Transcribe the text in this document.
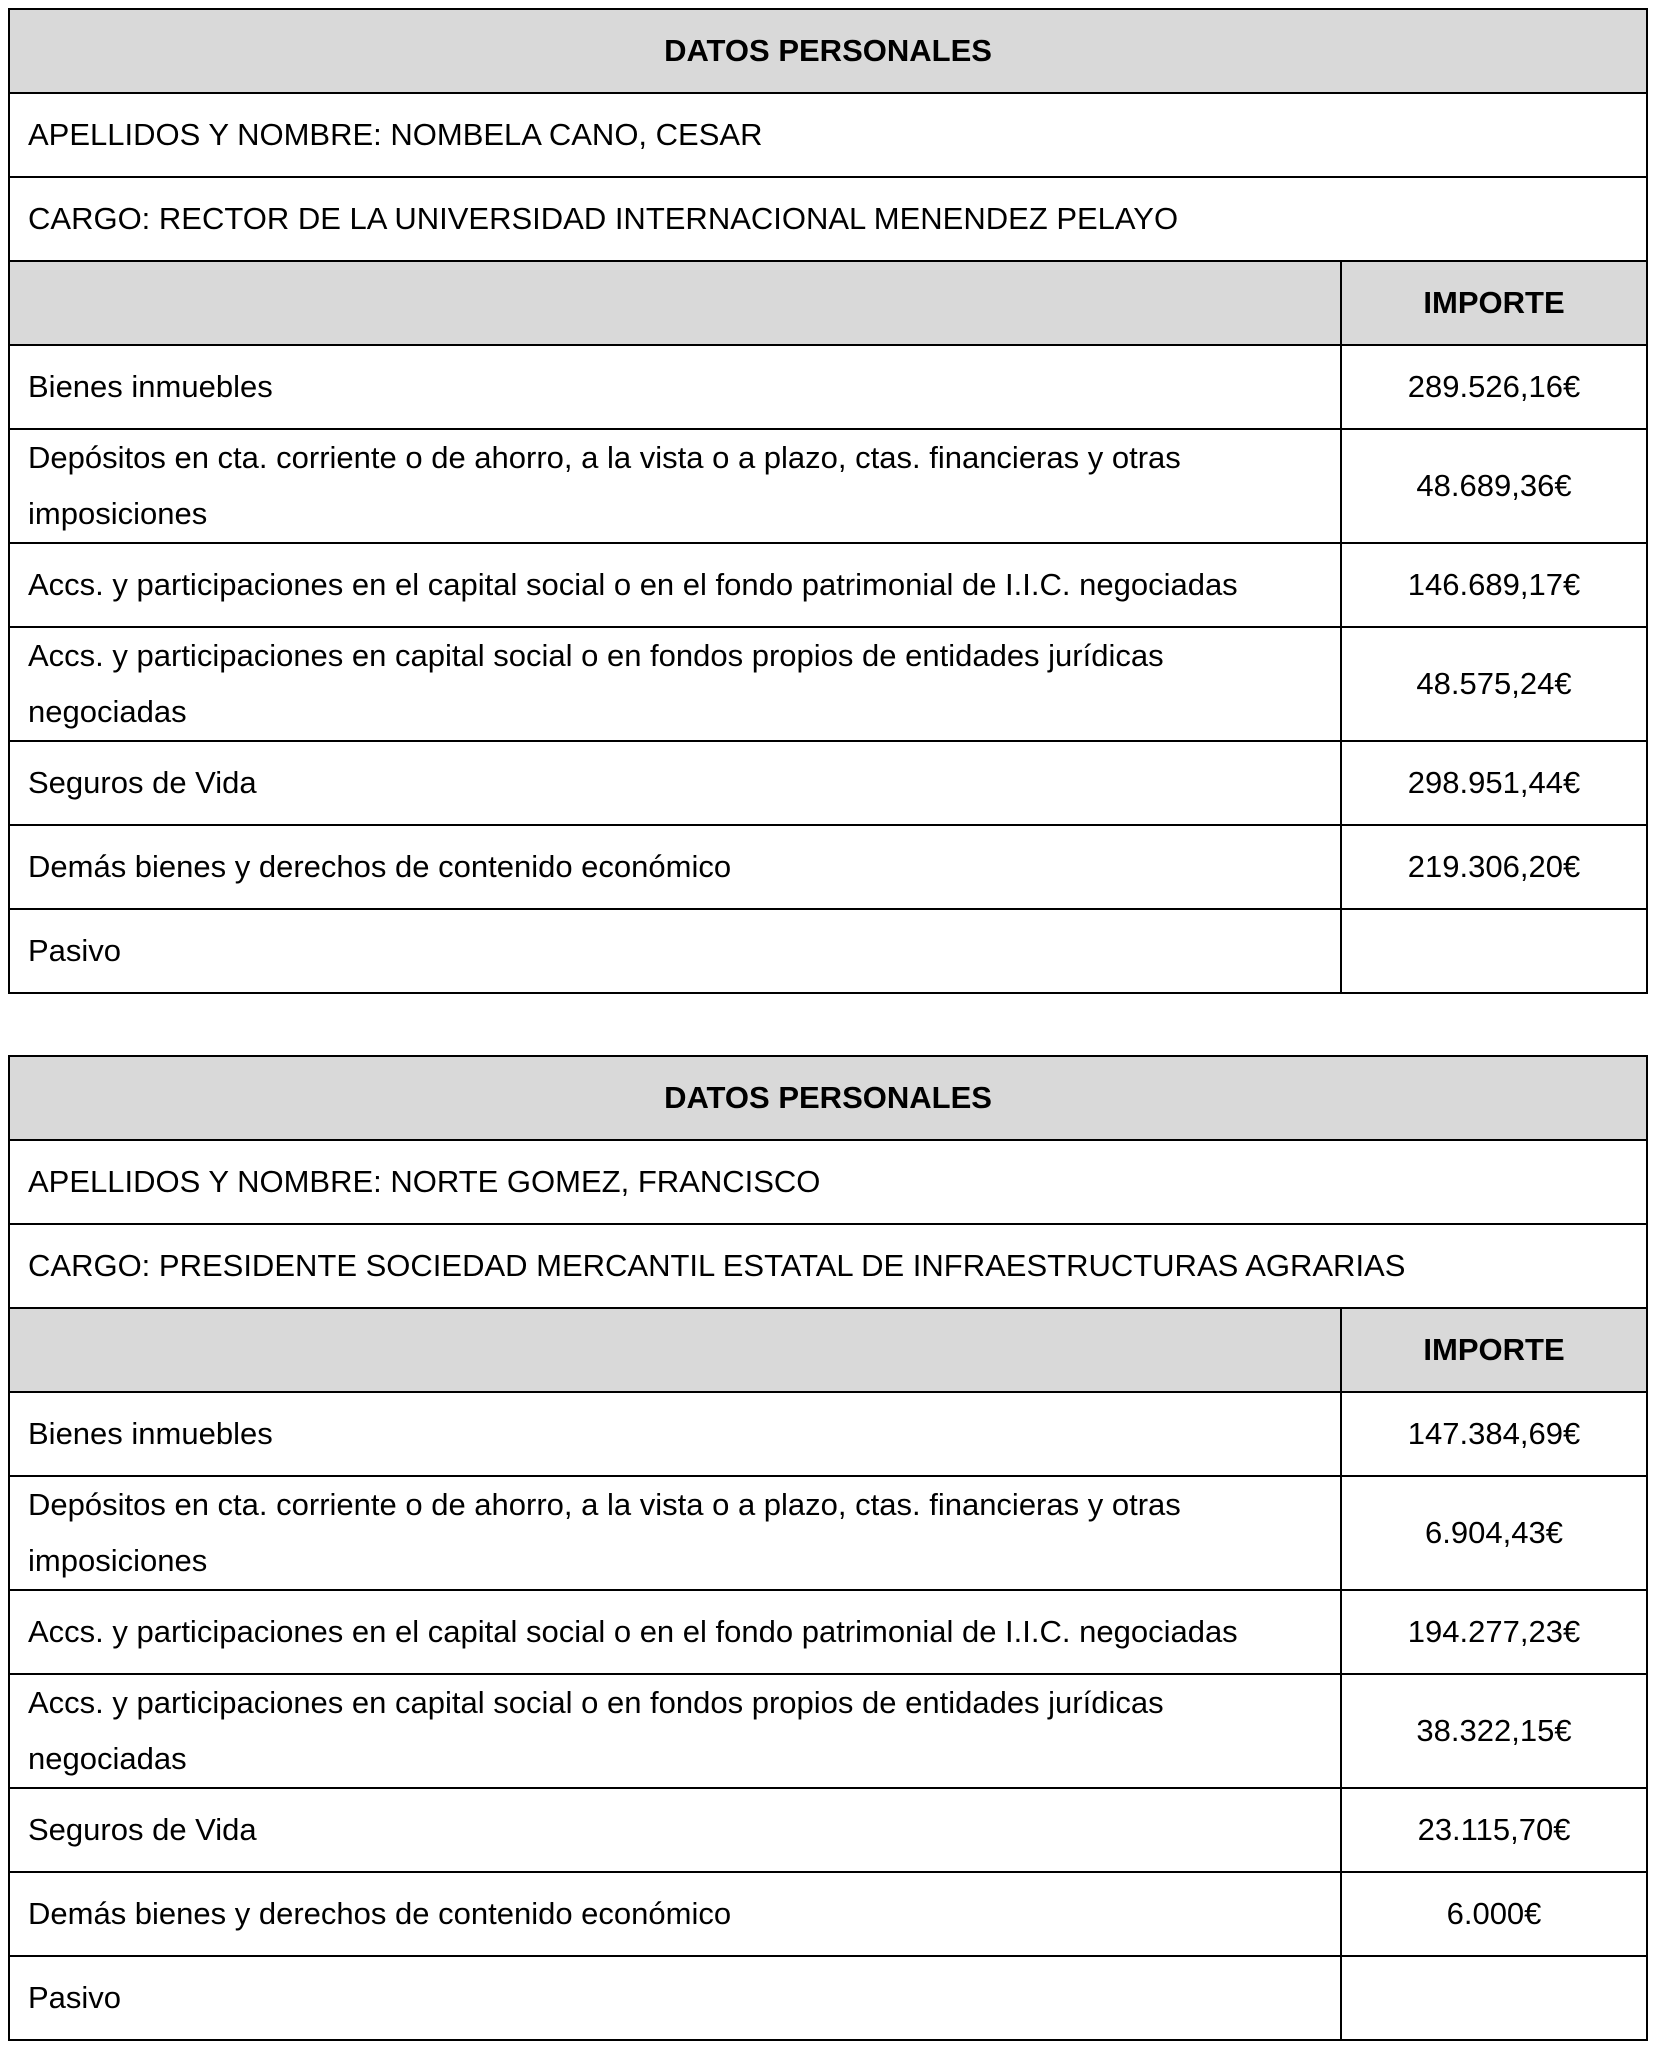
DATOS PERSONALES	
APELLIDOS Y NOMBRE: NOMBELA CANO, CESAR	
CARGO: RECTOR DE LA UNIVERSIDAD INTERNACIONAL MENENDEZ PELAYO	
	IMPORTE
Bienes inmuebles	289.526,16€
Depósitos en cta. corriente o de ahorro, a la vista o a plazo, ctas. financieras y otras imposiciones	48.689,36€
Accs. y participaciones en el capital social o en el fondo patrimonial de I.I.C. negociadas	146.689,17€
Accs. y participaciones en capital social o en fondos propios de entidades jurídicas negociadas	48.575,24€
Seguros de Vida	298.951,44€
Demás bienes y derechos de contenido económico	219.306,20€
Pasivo	
DATOS PERSONALES	
APELLIDOS Y NOMBRE: NORTE GOMEZ, FRANCISCO	
CARGO: PRESIDENTE SOCIEDAD MERCANTIL ESTATAL DE INFRAESTRUCTURAS AGRARIAS	
	IMPORTE
Bienes inmuebles	147.384,69€
Depósitos en cta. corriente o de ahorro, a la vista o a plazo, ctas. financieras y otras imposiciones	6.904,43€
Accs. y participaciones en el capital social o en el fondo patrimonial de I.I.C. negociadas	194.277,23€
Accs. y participaciones en capital social o en fondos propios de entidades jurídicas negociadas	38.322,15€
Seguros de Vida	23.115,70€
Demás bienes y derechos de contenido económico	6.000€
Pasivo	
